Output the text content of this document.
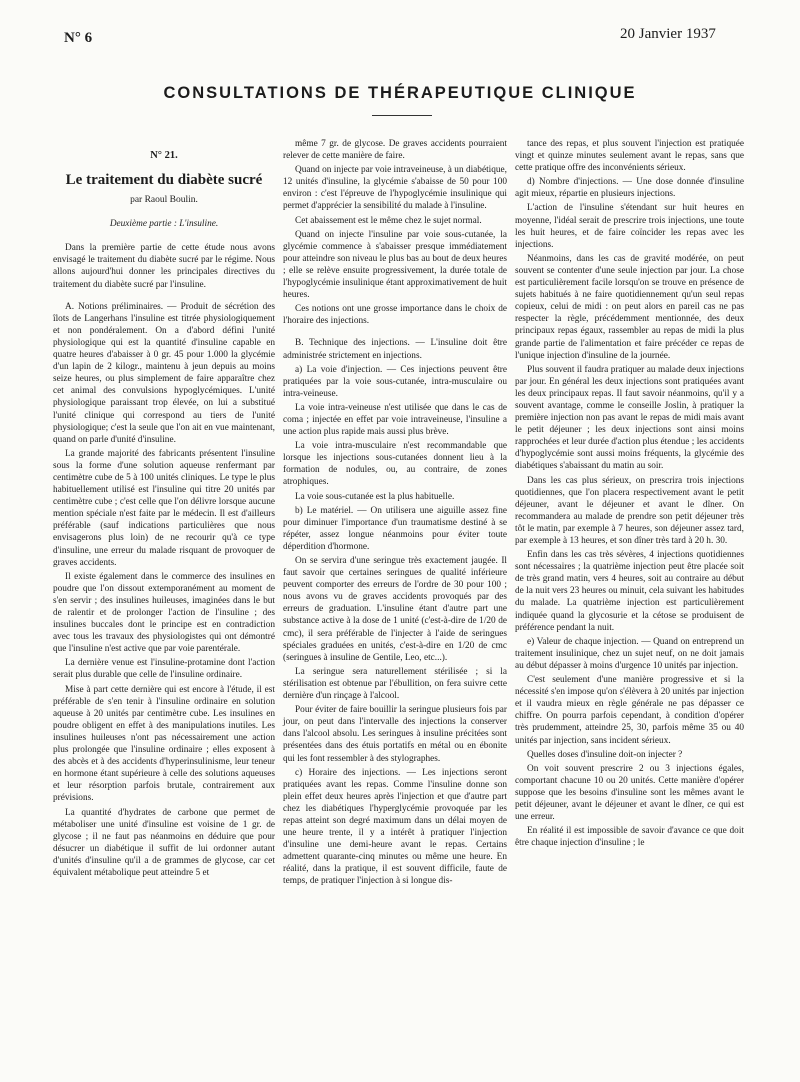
N° 6	20 Janvier 1937
CONSULTATIONS DE THÉRAPEUTIQUE CLINIQUE
N° 21.
Le traitement du diabète sucré
par Raoul Boulin.
Deuxième partie : L'insuline.

Dans la première partie de cette étude nous avons envisagé le traitement du diabète sucré par le régime. Nous allons aujourd'hui donner les principales directives du traitement du diabète sucré par l'insuline.

A. Notions préliminaires. — Produit de sécrétion des îlots de Langerhans l'insuline est titrée physiologiquement et non pondéralement. On a d'abord défini l'unité physiologique qui est la quantité d'insuline capable en quatre heures d'abaisser à 0 gr. 45 pour 1.000 la glycémie d'un lapin de 2 kilogr., maintenu à jeun depuis au moins seize heures, ou plus simplement de faire apparaître chez cet animal des convulsions hypoglycémiques. L'unité physiologique paraissant trop élevée, on lui a substitué l'unité clinique qui correspond au tiers de l'unité physiologique; c'est la seule que l'on ait en vue maintenant, quand on parle d'unité d'insuline.

La grande majorité des fabricants présentent l'insuline sous la forme d'une solution aqueuse renfermant par centimètre cube de 5 à 100 unités cliniques. Le type le plus habituellement utilisé est l'insuline qui titre 20 unités par centimètre cube ; c'est celle que l'on délivre lorsque aucune mention spéciale n'est faite par le médecin. Il est d'ailleurs préférable (sauf indications particulières que nous envisagerons plus loin) de ne recourir qu'à ce type d'insuline, une erreur du malade risquant de provoquer de graves accidents.

Il existe également dans le commerce des insulines en poudre que l'on dissout extemporanément au moment de s'en servir ; des insulines huileuses, imaginées dans le but de ralentir et de prolonger l'action de l'insuline ; des insulines buccales dont le principe est en contradiction avec tous les travaux des physiologistes qui ont démontré que l'insuline n'est active que par voie parentérale.

La dernière venue est l'insuline-protamine dont l'action serait plus durable que celle de l'insuline ordinaire.

Mise à part cette dernière qui est encore à l'étude, il est préférable de s'en tenir à l'insuline ordinaire en solution aqueuse à 20 unités par centimètre cube. Les insulines en poudre obligent en effet à des manipulations inutiles. Les insulines huileuses n'ont pas nécessairement une action plus prolongée que l'insuline ordinaire ; elles exposent à des abcès et à des accidents d'hyperinsulinisme, leur teneur en hormone étant supérieure à celle des solutions aqueuses et leur résorption parfois brutale, contrairement aux prévisions.

La quantité d'hydrates de carbone que permet de métaboliser une unité d'insuline est voisine de 1 gr. de glycose ; il ne faut pas néanmoins en déduire que pour désucrer un diabétique il suffit de lui ordonner autant d'unités d'insuline qu'il a de grammes de glycose, car cet équivalent métabolique peut atteindre 5 et

même 7 gr. de glycose. De graves accidents pourraient relever de cette manière de faire.

Quand on injecte par voie intraveineuse, à un diabétique, 12 unités d'insuline, la glycémie s'abaisse de 50 pour 100 environ : c'est l'épreuve de l'hypoglycémie insulinique qui permet d'apprécier la sensibilité du malade à l'insuline.

Cet abaissement est le même chez le sujet normal.

Quand on injecte l'insuline par voie sous-cutanée, la glycémie commence à s'abaisser presque immédiatement pour atteindre son niveau le plus bas au bout de deux heures ; elle se relève ensuite progressivement, la durée totale de l'hypoglycémie insulinique étant approximativement de huit heures.

Ces notions ont une grosse importance dans le choix de l'horaire des injections.

B. Technique des injections. — L'insuline doit être administrée strictement en injections.

a) La voie d'injection. — Ces injections peuvent être pratiquées par la voie sous-cutanée, intra-musculaire ou intra-veineuse.

La voie intra-veineuse n'est utilisée que dans le cas de coma ; injectée en effet par voie intraveineuse, l'insuline a une action plus rapide mais aussi plus brève.

La voie intra-musculaire n'est recommandable que lorsque les injections sous-cutanées donnent lieu à la formation de nodules, ou, au contraire, de zones atrophiques.

La voie sous-cutanée est la plus habituelle.

b) Le matériel. — On utilisera une aiguille assez fine pour diminuer l'importance d'un traumatisme destiné à se répéter, assez longue néanmoins pour éviter toute déperdition d'hormone.

On se servira d'une seringue très exactement jaugée. Il faut savoir que certaines seringues de qualité inférieure peuvent comporter des erreurs de l'ordre de 30 pour 100 ; nous avons vu de graves accidents provoqués par des erreurs de graduation. L'insuline étant d'autre part une substance active à la dose de 1 unité (c'est-à-dire de 1/20 de cmc), il sera préférable de l'injecter à l'aide de seringues spéciales graduées en unités, c'est-à-dire en 1/20 de cmc (seringues à insuline de Gentile, Leo, etc...).

La seringue sera naturellement stérilisée ; si la stérilisation est obtenue par l'ébullition, on fera suivre cette dernière d'un rinçage à l'alcool.

Pour éviter de faire bouillir la seringue plusieurs fois par jour, on peut dans l'intervalle des injections la conserver dans l'alcool absolu. Les seringues à insuline précitées sont présentées dans des étuis portatifs en métal ou en ébonite qui les font ressembler à des stylographes.

c) Horaire des injections. — Les injections seront pratiquées avant les repas. Comme l'insuline donne son plein effet deux heures après l'injection et que d'autre part chez les diabétiques l'hyperglycémie provoquée par les repas atteint son degré maximum dans un délai moyen de une heure trente, il y a intérêt à pratiquer l'injection d'insuline une demi-heure avant le repas. Certains admettent quarante-cinq minutes ou même une heure. En réalité, dans la pratique, il est souvent difficile, faute de temps, de pratiquer l'injection à si longue dis-

tance des repas, et plus souvent l'injection est pratiquée vingt et quinze minutes seulement avant le repas, sans que cette pratique offre des inconvénients sérieux.

d) Nombre d'injections. — Une dose donnée d'insuline agit mieux, répartie en plusieurs injections.

L'action de l'insuline s'étendant sur huit heures en moyenne, l'idéal serait de prescrire trois injections, une toute les huit heures, et de faire coïncider les repas avec les injections.

Néanmoins, dans les cas de gravité modérée, on peut souvent se contenter d'une seule injection par jour. La chose est particulièrement facile lorsqu'on se trouve en présence de sujets habitués à ne faire quotidiennement qu'un seul repas copieux, celui de midi : on peut alors en pareil cas ne pas respecter la règle, précédemment mentionnée, des deux principaux repas égaux, rassembler au repas de midi la plus grande partie de l'alimentation et faire précéder ce repas de l'unique injection d'insuline de la journée.

Plus souvent il faudra pratiquer au malade deux injections par jour. En général les deux injections sont pratiquées avant les deux principaux repas. Il faut savoir néanmoins, qu'il y a souvent avantage, comme le conseille Joslin, à pratiquer la première injection non pas avant le repas de midi mais avant le petit déjeuner ; les deux injections sont ainsi moins rapprochées et leur durée d'action plus étendue ; les accidents d'hypoglycémie sont aussi moins fréquents, la glycémie des diabétiques s'abaissant du matin au soir.

Dans les cas plus sérieux, on prescrira trois injections quotidiennes, que l'on placera respectivement avant le petit déjeuner, avant le déjeuner et avant le dîner. On recommandera au malade de prendre son petit déjeuner très tôt le matin, par exemple à 7 heures, son déjeuner assez tard, par exemple à 13 heures, et son dîner très tard à 20 h. 30.

Enfin dans les cas très sévères, 4 injections quotidiennes sont nécessaires ; la quatrième injection peut être placée soit de très grand matin, vers 4 heures, soit au contraire au début de la nuit vers 23 heures ou minuit, cela suivant les habitudes du malade. La quatrième injection est particulièrement indiquée quand la glycosurie et la cétose se produisent de préférence pendant la nuit.

e) Valeur de chaque injection. — Quand on entreprend un traitement insulinique, chez un sujet neuf, on ne doit jamais au début dépasser à moins d'urgence 10 unités par injection.

C'est seulement d'une manière progressive et si la nécessité s'en impose qu'on s'élèvera à 20 unités par injection et il vaudra mieux en règle générale ne pas dépasser ce chiffre. On pourra parfois cependant, à condition d'opérer très prudemment, atteindre 25, 30, parfois même 35 ou 40 unités par injection, sans incident sérieux.

Quelles doses d'insuline doit-on injecter ?

On voit souvent prescrire 2 ou 3 injections égales, comportant chacune 10 ou 20 unités. Cette manière d'opérer suppose que les besoins d'insuline sont les mêmes avant le petit déjeuner, avant le déjeuner et avant le dîner, ce qui est une erreur.

En réalité il est impossible de savoir d'avance ce que doit être chaque injection d'insuline ; le
